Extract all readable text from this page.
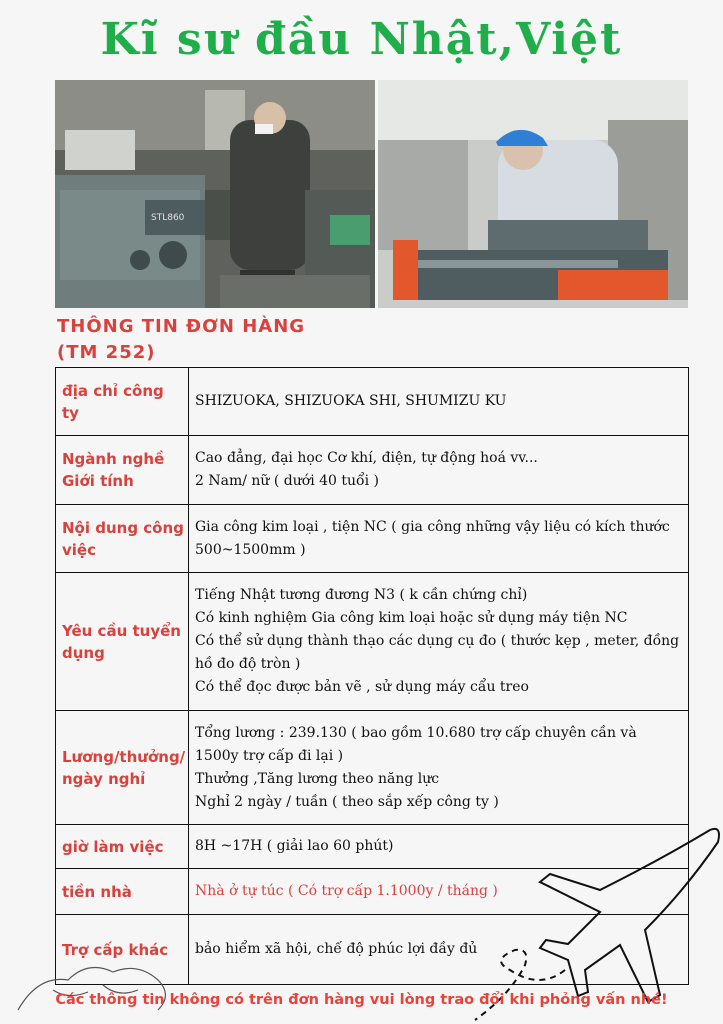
Kĩ sư đầu Nhật,Việt
STL860
THÔNG TIN ĐƠN HÀNG
(TM 252)
địa chỉ công ty	SHIZUOKA, SHIZUOKA SHI, SHUMIZU KU

Ngành nghề Giới tính	Cao đẳng, đại học Cơ khí, điện, tự động hoá vv...
2 Nam/ nữ ( dưới 40 tuổi )

Nội dung công việc	Gia công kim loại , tiện NC ( gia công những vậy liệu có kích thước 500~1500mm )

Yêu cầu tuyển dụng	Tiếng Nhật tương đương N3 ( k cần chứng chỉ)
Có kinh nghiệm Gia công kim loại hoặc sử dụng máy tiện NC
Có thể sử dụng thành thạo các dụng cụ đo ( thước kẹp , meter, đồng hồ đo độ tròn )
Có thể đọc được bản vẽ , sử dụng máy cẩu treo

Lương/thưởng/ ngày nghỉ	Tổng lương : 239.130 ( bao gồm 10.680 trợ cấp chuyên cần và 1500y trợ cấp đi lại )
Thưởng ,Tăng lương theo năng lực
Nghỉ 2 ngày / tuần ( theo sắp xếp công ty )

giờ làm việc	8H ~17H ( giải lao 60 phút)

tiền nhà	Nhà ở tự túc ( Có trợ cấp 1.1000y / tháng )

Trợ cấp khác	bảo hiểm xã hội, chế độ phúc lợi đầy đủ
Các thông tin không có trên đơn hàng vui lòng trao đổi khi phỏng vấn nhé!
